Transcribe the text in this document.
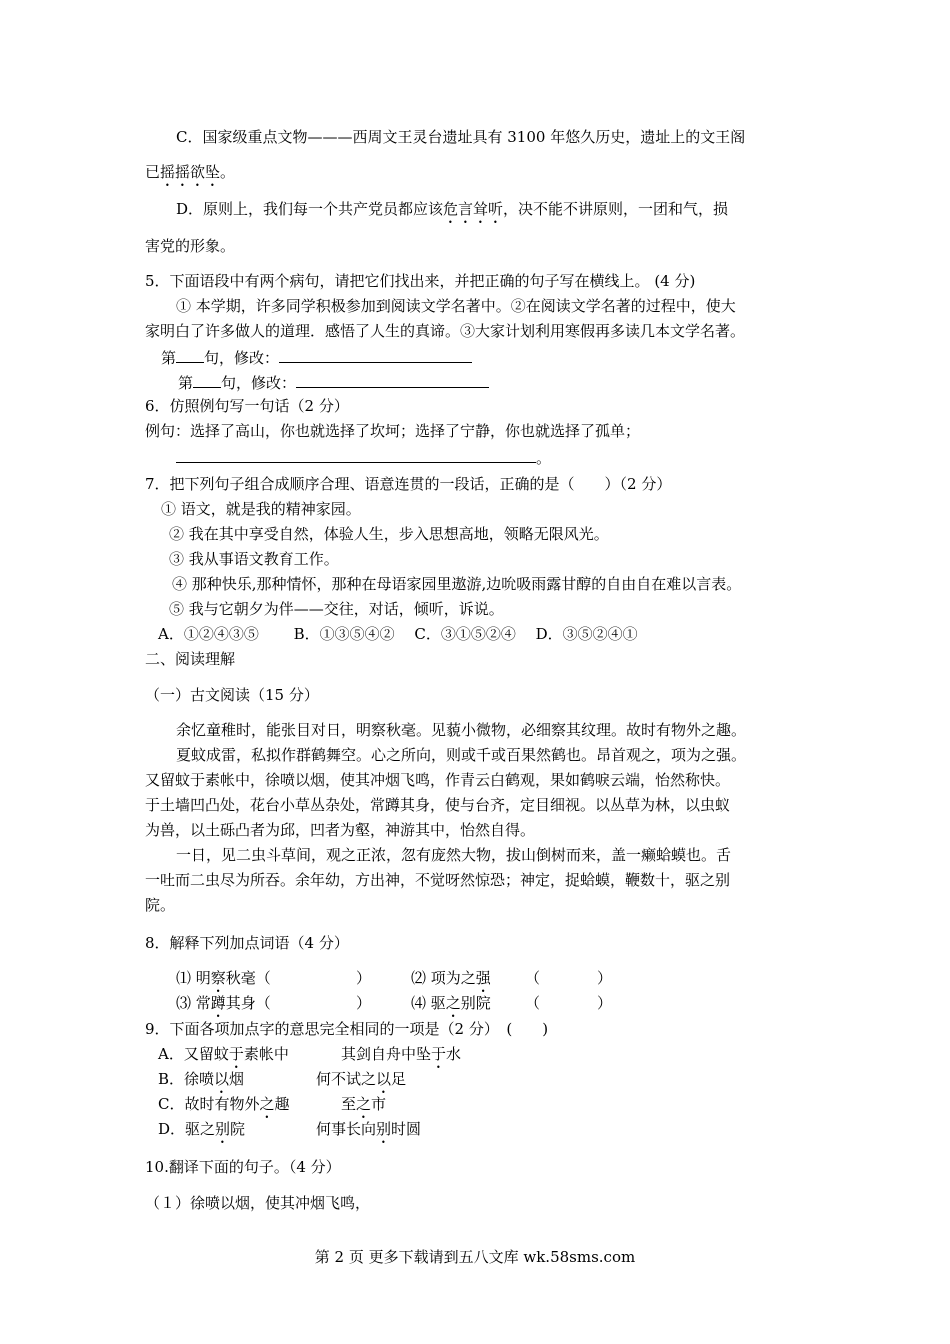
C．国家级重点文物———西周文王灵台遗址具有 3100 年悠久历史，遗址上的文王阁
已摇摇欲坠。
D．原则上，我们每一个共产党员都应该危言耸听，决不能不讲原则，一团和气，损
害党的形象。
5．下面语段中有两个病句，请把它们找出来，并把正确的句子写在横线上。 (4 分)
① 本学期，许多同学积极参加到阅读文学名著中。②在阅读文学名著的过程中，使大
家明白了许多做人的道理．感悟了人生的真谛。③大家计划利用寒假再多读几本文学名著。
第 句，修改：
第 句，修改：
6．仿照例句写一句话（2 分）
例句：选择了高山，你也就选择了坎坷；选择了宁静，你也就选择了孤单；
。
7．把下列句子组合成顺序合理、语意连贯的一段话，正确的是（　　）（2 分）
① 语文，就是我的精神家园。
② 我在其中享受自然，体验人生，步入思想高地，领略无限风光。
③ 我从事语文教育工作。
④ 那种快乐,那种情怀，那种在母语家园里遨游,边吮吸雨露甘醇的自由自在难以言表。
⑤ 我与它朝夕为伴——交往，对话，倾听，诉说。
A．①②④③⑤　　 B．①③⑤④②　 C．③①⑤②④　 D．③⑤②④①
二、阅读理解
（一）古文阅读（15 分）
余忆童稚时，能张目对日，明察秋毫。见藐小微物，必细察其纹理。故时有物外之趣。
夏蚊成雷，私拟作群鹤舞空。心之所向，则或千或百果然鹤也。昂首观之，项为之强。
又留蚊于素帐中，徐喷以烟，使其冲烟飞鸣，作青云白鹤观，果如鹤唳云端，怡然称快。
于土墙凹凸处，花台小草丛杂处，常蹲其身，使与台齐，定目细视。以丛草为林，以虫蚁
为兽，以土砾凸者为邱，凹者为壑，神游其中，怡然自得。
一日，见二虫斗草间，观之正浓，忽有庞然大物，拔山倒树而来，盖一癞蛤蟆也。舌
一吐而二虫尽为所吞。余年幼，方出神，不觉呀然惊恐；神定，捉蛤蟆，鞭数十，驱之别
院。
8．解释下列加点词语（4 分）
⑴ 明察秋毫（	）	⑵ 项为之强 （	）
⑶ 常蹲其身（	）	⑷ 驱之别院 （	）
9．下面各项加点字的意思完全相同的一项是（2 分）　(　　)
A．又留蚊于素帐中	其剑自舟中坠于水
B．徐喷以烟	何不试之以足
C．故时有物外之趣	至之市
D．驱之别院	何事长向别时圆
10.翻译下面的句子。（4 分）
（１）徐喷以烟，使其冲烟飞鸣，
第 2 页 更多下载请到五八文库 wk.58sms.com
